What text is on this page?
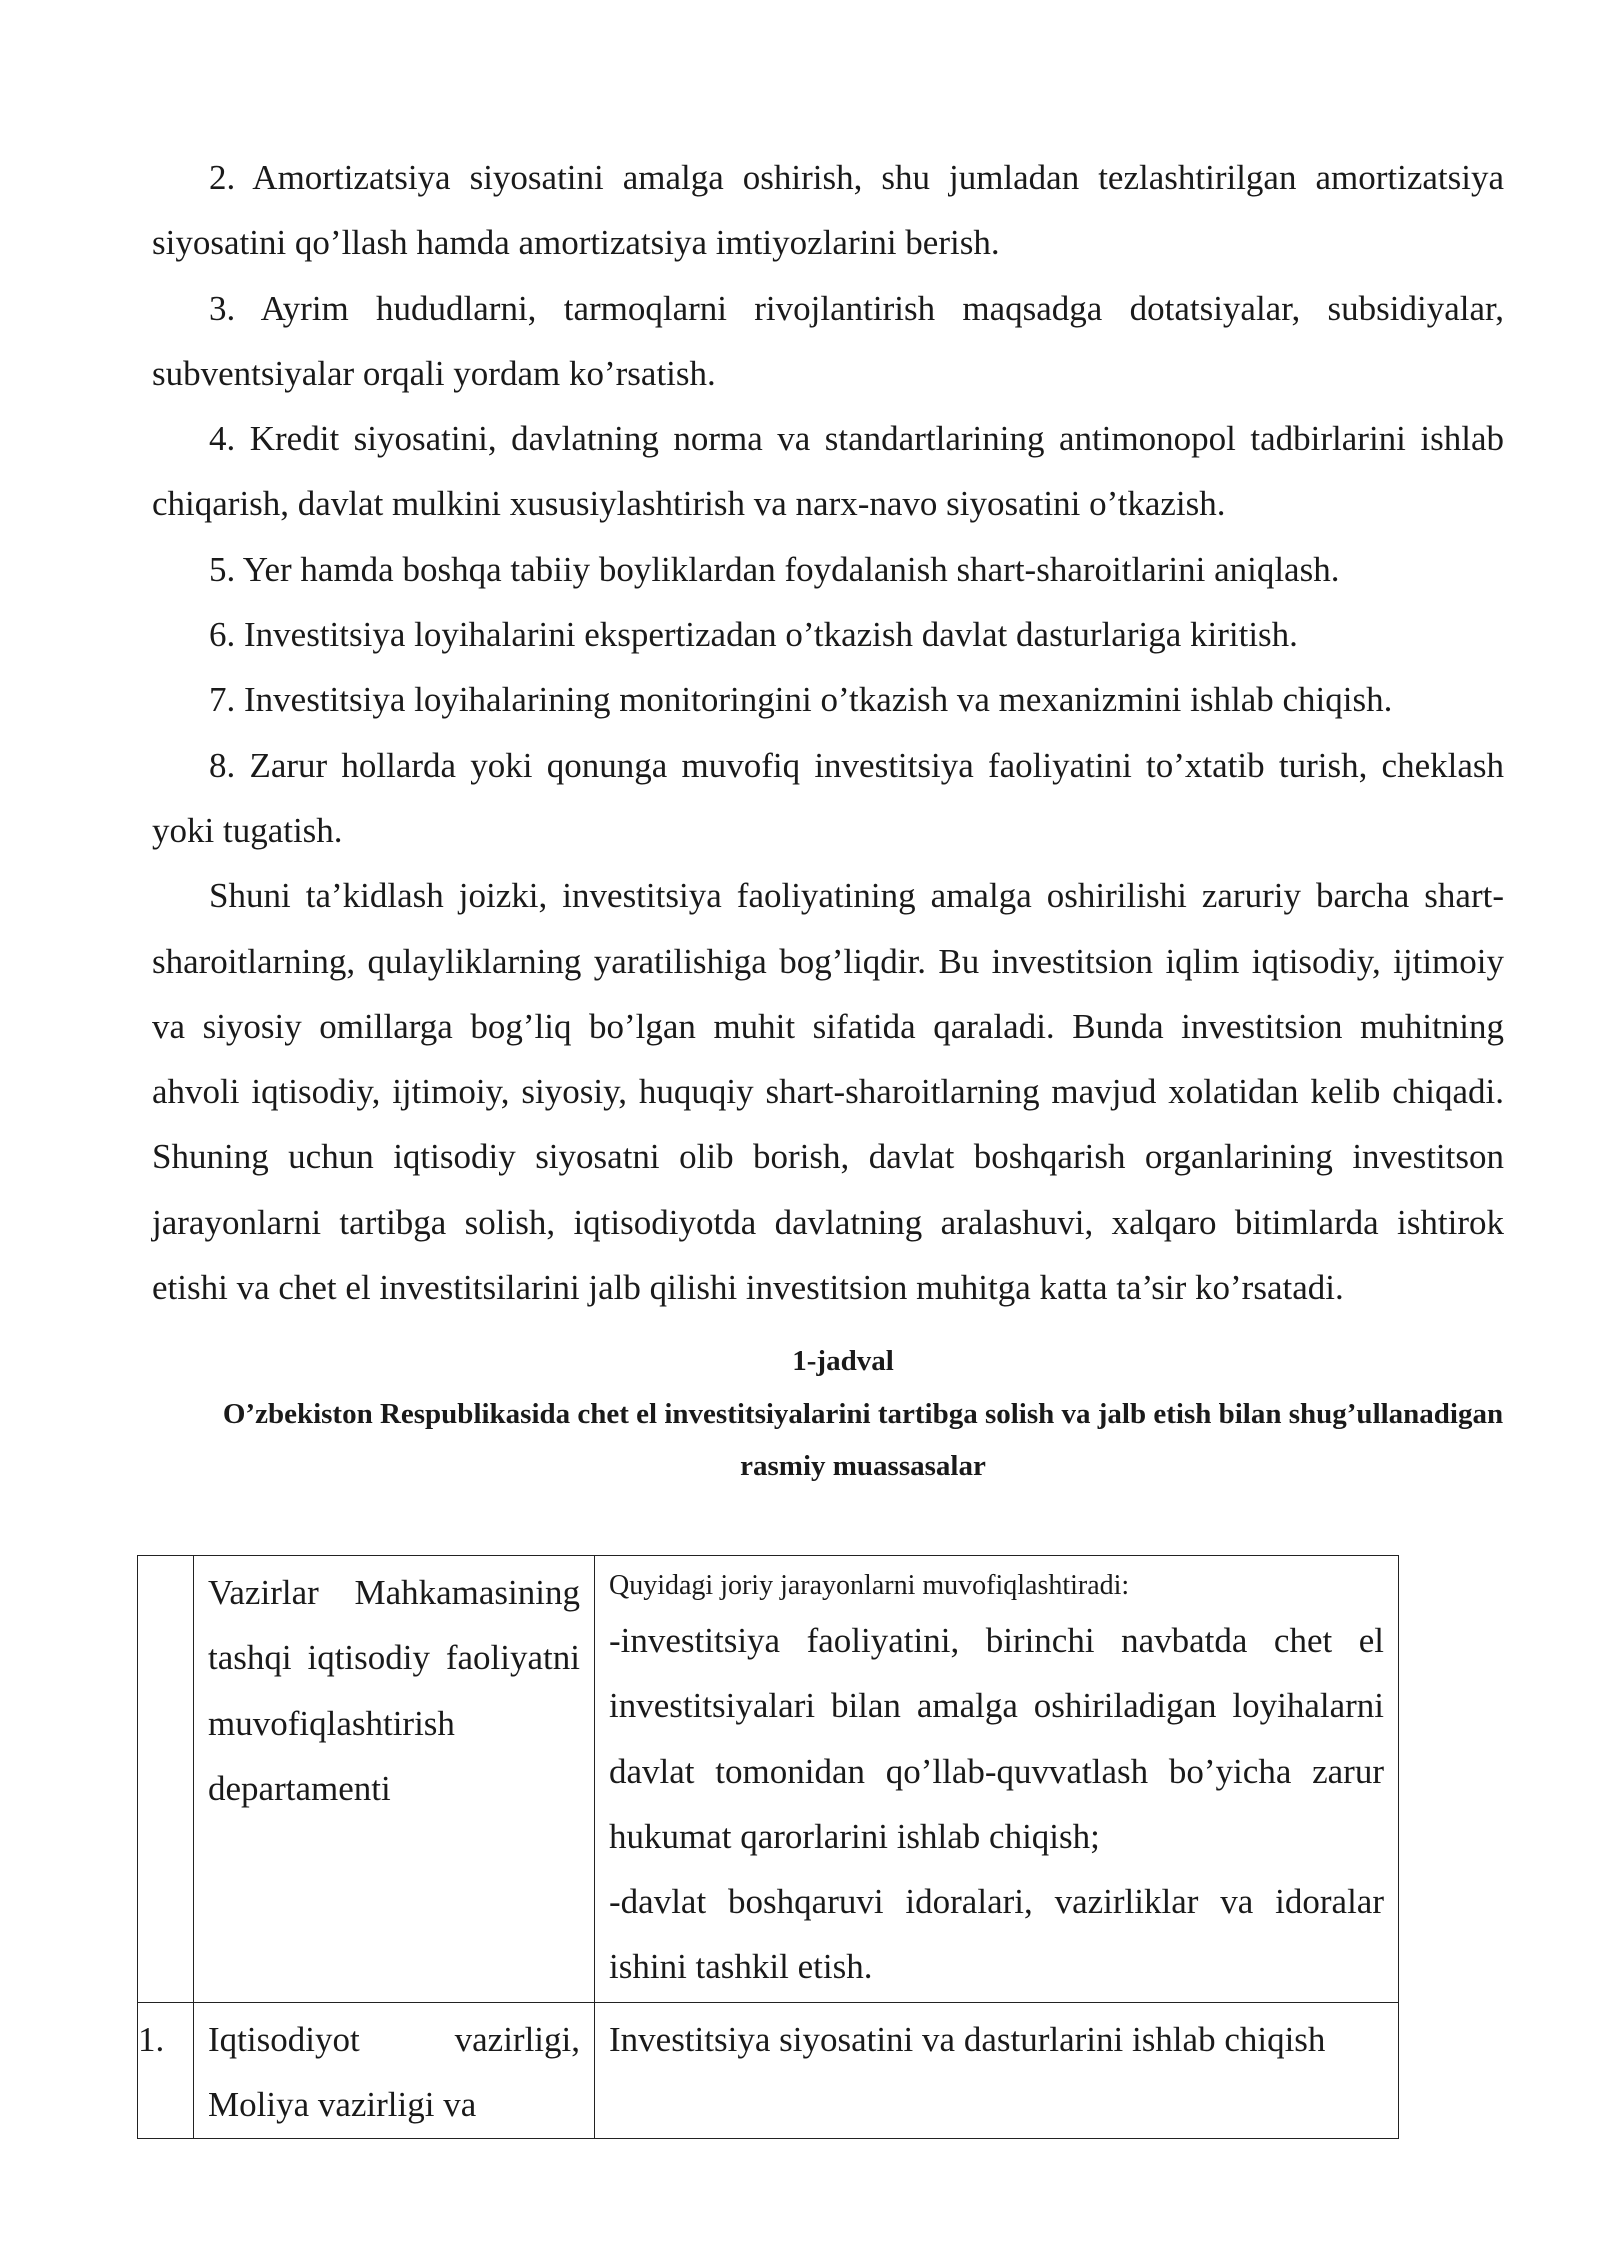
2. Amortizatsiya siyosatini amalga oshirish, shu jumladan tezlashtirilgan amortizatsiya siyosatini qo’llash hamda amortizatsiya imtiyozlarini berish.

3. Ayrim hududlarni, tarmoqlarni rivojlantirish maqsadga dotatsiyalar, subsidiyalar, subventsiyalar orqali yordam ko’rsatish.

4. Kredit siyosatini, davlatning norma va standartlarining antimonopol tadbirlarini ishlab chiqarish, davlat mulkini xususiylashtirish va narx-navo siyosatini o’tkazish.

5. Yer hamda boshqa tabiiy boyliklardan foydalanish shart-sharoitlarini aniqlash.

6. Investitsiya loyihalarini ekspertizadan o’tkazish davlat dasturlariga kiritish.

7. Investitsiya loyihalarining monitoringini o’tkazish va mexanizmini ishlab chiqish.

8. Zarur hollarda yoki qonunga muvofiq investitsiya faoliyatini to’xtatib turish, cheklash yoki tugatish.

Shuni ta’kidlash joizki, investitsiya faoliyatining amalga oshirilishi zaruriy barcha shart-sharoitlarning, qulayliklarning yaratilishiga bog’liqdir. Bu investitsion iqlim iqtisodiy, ijtimoiy va siyosiy omillarga bog’liq bo’lgan muhit sifatida qaraladi. Bunda investitsion muhitning ahvoli iqtisodiy, ijtimoiy, siyosiy, huquqiy shart-sharoitlarning mavjud xolatidan kelib chiqadi. Shuning uchun iqtisodiy siyosatni olib borish, davlat boshqarish organlarining investitson jarayonlarni tartibga solish, iqtisodiyotda davlatning aralashuvi, xalqaro bitimlarda ishtirok etishi va chet el investitsilarini jalb qilishi investitsion muhitga katta ta’sir ko’rsatadi.

1-jadval

O’zbekiston Respublikasida chet el investitsiyalarini tartibga solish va jalb etish bilan shug’ullanadigan rasmiy muassasalar

	Vazirlar Mahkamasining tashqi iqtisodiy faoliyatni muvofiqlashtirish departamenti	Quyidagi joriy jarayonlarni muvofiqlashtiradi:
-investitsiya faoliyatini, birinchi navbatda chet el investitsiyalari bilan amalga oshiriladigan loyihalarni davlat tomonidan qo’llab-quvvatlash bo’yicha zarur hukumat qarorlarini ishlab chiqish;
-davlat boshqaruvi idoralari, vazirliklar va idoralar ishini tashkil etish.

1.	Iqtisodiyot vazirligi, Moliya vazirligi va	Investitsiya siyosatini va dasturlarini ishlab chiqish
